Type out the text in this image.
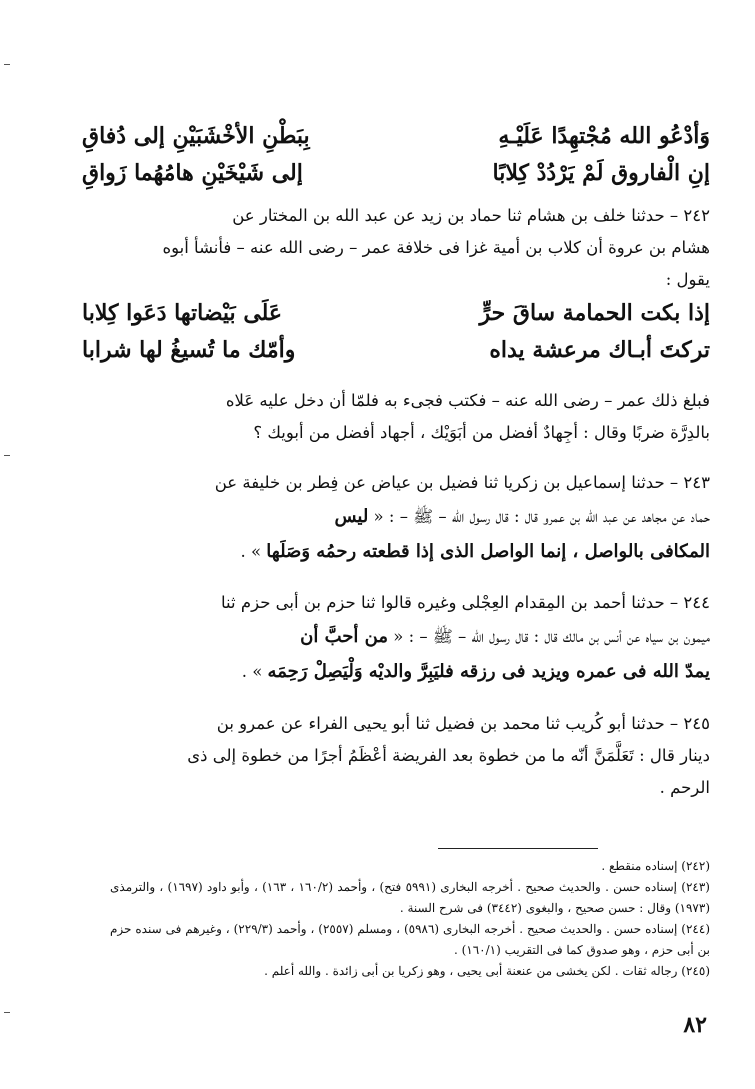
وَأدْعُو الله مُجْتهِدًا عَلَيْـهِ
بِبَطْنِ الأخْشَبَيْنِ إلى دُفاقِ
إنِ الْفاروق لَمْ يَرْدُدْ كِلابًا
إلى شَيْخَيْنِ هامُهُما زَواقِ

٢٤٢ – حدثنا خلف بن هشام ثنا حماد بن زيد عن عبد الله بن المختار عن

هشام بن عروة أن كلاب بن أمية غزا فى خلافة عمر – رضى الله عنه – فأنشأ أبوه

يقول :

إذا بكت الحمامة ساقَ حرٍّ
عَلَى بَيْضاتها دَعَوا كِلابا
تركتَ أبـاك مرعشة يداه
وأمّك ما تُسيغُ لها شرابا

فبلغ ذلك عمر – رضى الله عنه – فكتب فجىء به فلمّا أن دخل عليه عَلاه

بالدِرَّة ضربًا وقال : أجِهادٌ أفضل من أبَوَيْك ، أجهاد أفضل من أبويك ؟

٢٤٣ – حدثنا إسماعيل بن زكريا ثنا فضيل بن عياض عن فِطر بن خليفة عن

حماد عن مجاهد عن عبد الله بن عمرو قال : قال رسول الله – ﷺ – : « ليس

المكافى بالواصل ، إنما الواصل الذى إذا قطعته رحمُه وَصَلَها » .

٢٤٤ – حدثنا أحمد بن المِقدام العِجْلى وغيره قالوا ثنا حزم بن أبى حزم ثنا

ميمون بن سياه عن أنس بن مالك قال : قال رسول الله – ﷺ – : « من أحبَّ أن

يمدّ الله فى عمره ويزيد فى رزقه فليَبِرَّ والديْه وَلْيَصِلْ رَحِمَه » .

٢٤٥ – حدثنا أبو كُريب ثنا محمد بن فضيل ثنا أبو يحيى الفراء عن عمرو بن

دينار قال : تَعَلَّمَنَّ أنّه ما من خطوة بعد الفريضة أعْظَمُ أجرًا من خطوة إلى ذى

الرحم .

(٢٤٢) إسناده منقطع .

(٢٤٣) إسناده حسن . والحديث صحيح . أخرجه البخارى (٥٩٩١ فتح) ، وأحمد (١٦٠/٢ ، ١٦٣) ، وأبو داود (١٦٩٧) ، والترمذى (١٩٧٣) وقال : حسن صحيح ، والبغوى (٣٤٤٢) فى شرح السنة .

(٢٤٤) إسناده حسن . والحديث صحيح . أخرجه البخارى (٥٩٨٦) ، ومسلم (٢٥٥٧) ، وأحمد (٢٢٩/٣) ، وغيرهم فى سنده حزم بن أبى حزم ، وهو صدوق كما فى التقريب (١٦٠/١) .

(٢٤٥) رجاله ثقات . لكن يخشى من عنعنة أبى يحيى ، وهو زكريا بن أبى زائدة . والله أعلم .

٨٢
